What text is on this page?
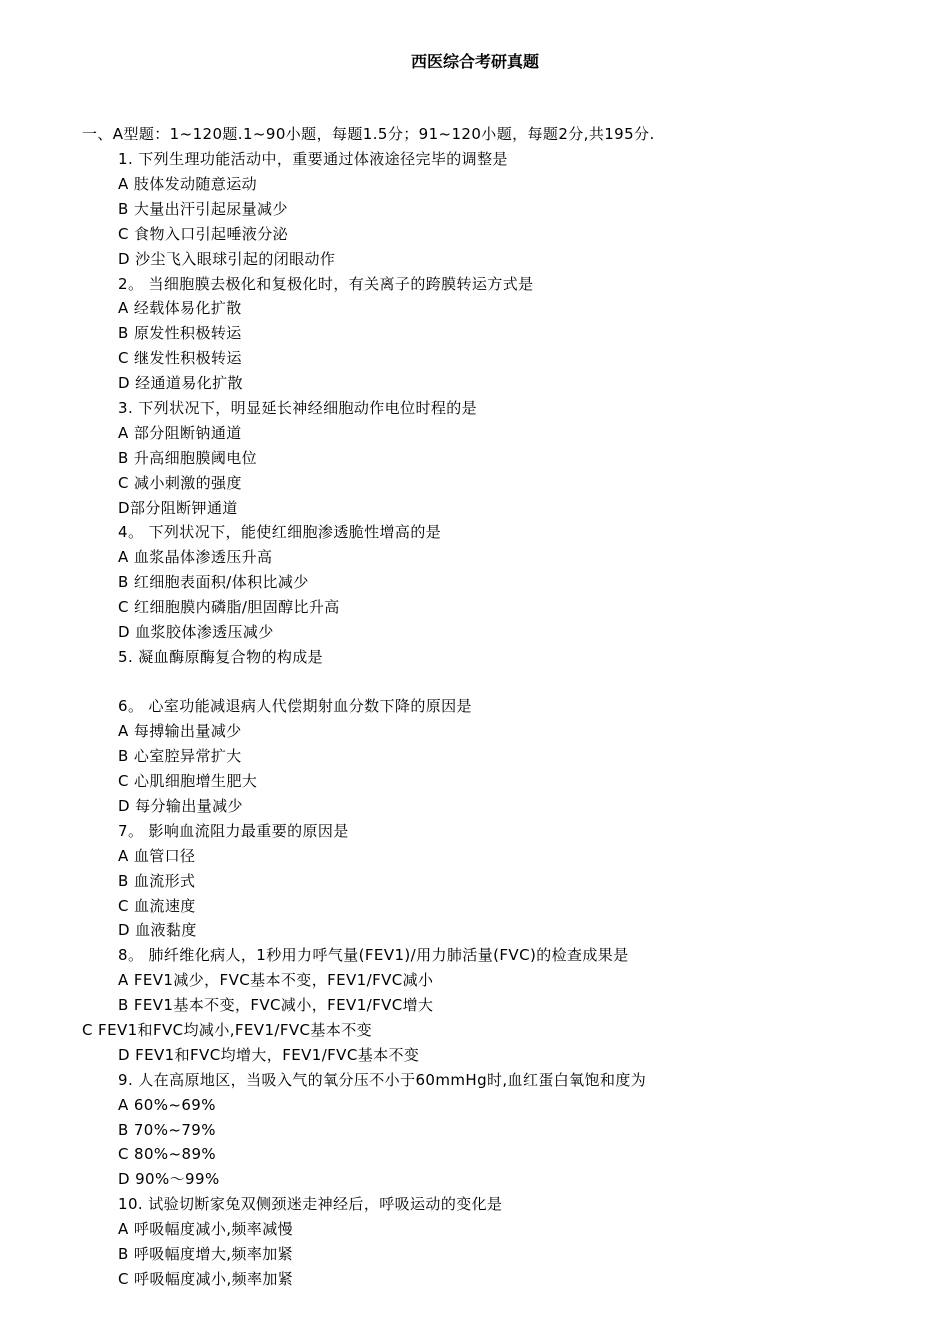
西医综合考研真题
一、A型题：1~120题.1~90小题，每题1.5分；91~120小题，每题2分,共195分.
1. 下列生理功能活动中，重要通过体液途径完毕的调整是
A 肢体发动随意运动
B 大量出汗引起尿量减少
C 食物入口引起唾液分泌
D 沙尘飞入眼球引起的闭眼动作
2。 当细胞膜去极化和复极化时，有关离子的跨膜转运方式是
A 经载体易化扩散
B 原发性积极转运
C 继发性积极转运
D 经通道易化扩散
3. 下列状况下，明显延长神经细胞动作电位时程的是
A 部分阻断钠通道
B 升高细胞膜阈电位
C 减小刺激的强度
D部分阻断钾通道
4。 下列状况下，能使红细胞渗透脆性增高的是
A 血浆晶体渗透压升高
B 红细胞表面积/体积比减少
C 红细胞膜内磷脂/胆固醇比升高
D 血浆胶体渗透压减少
5. 凝血酶原酶复合物的构成是
6。 心室功能减退病人代偿期射血分数下降的原因是
A 每搏输出量减少
B 心室腔异常扩大
C 心肌细胞增生肥大
D 每分输出量减少
7。 影响血流阻力最重要的原因是
A 血管口径
B 血流形式
C 血流速度
D 血液黏度
8。 肺纤维化病人，1秒用力呼气量(FEV1)/用力肺活量(FVC)的检查成果是
A FEV1减少，FVC基本不变，FEV1/FVC减小
B FEV1基本不变，FVC减小，FEV1/FVC增大
C FEV1和FVC均减小,FEV1/FVC基本不变
D FEV1和FVC均增大，FEV1/FVC基本不变
9. 人在高原地区，当吸入气的氧分压不小于60mmHg时,血红蛋白氧饱和度为
A 60%~69%
B 70%~79%
C 80%~89%
D 90%～99%
10. 试验切断家兔双侧颈迷走神经后，呼吸运动的变化是
A 呼吸幅度减小,频率减慢
B 呼吸幅度增大,频率加紧
C 呼吸幅度减小,频率加紧
